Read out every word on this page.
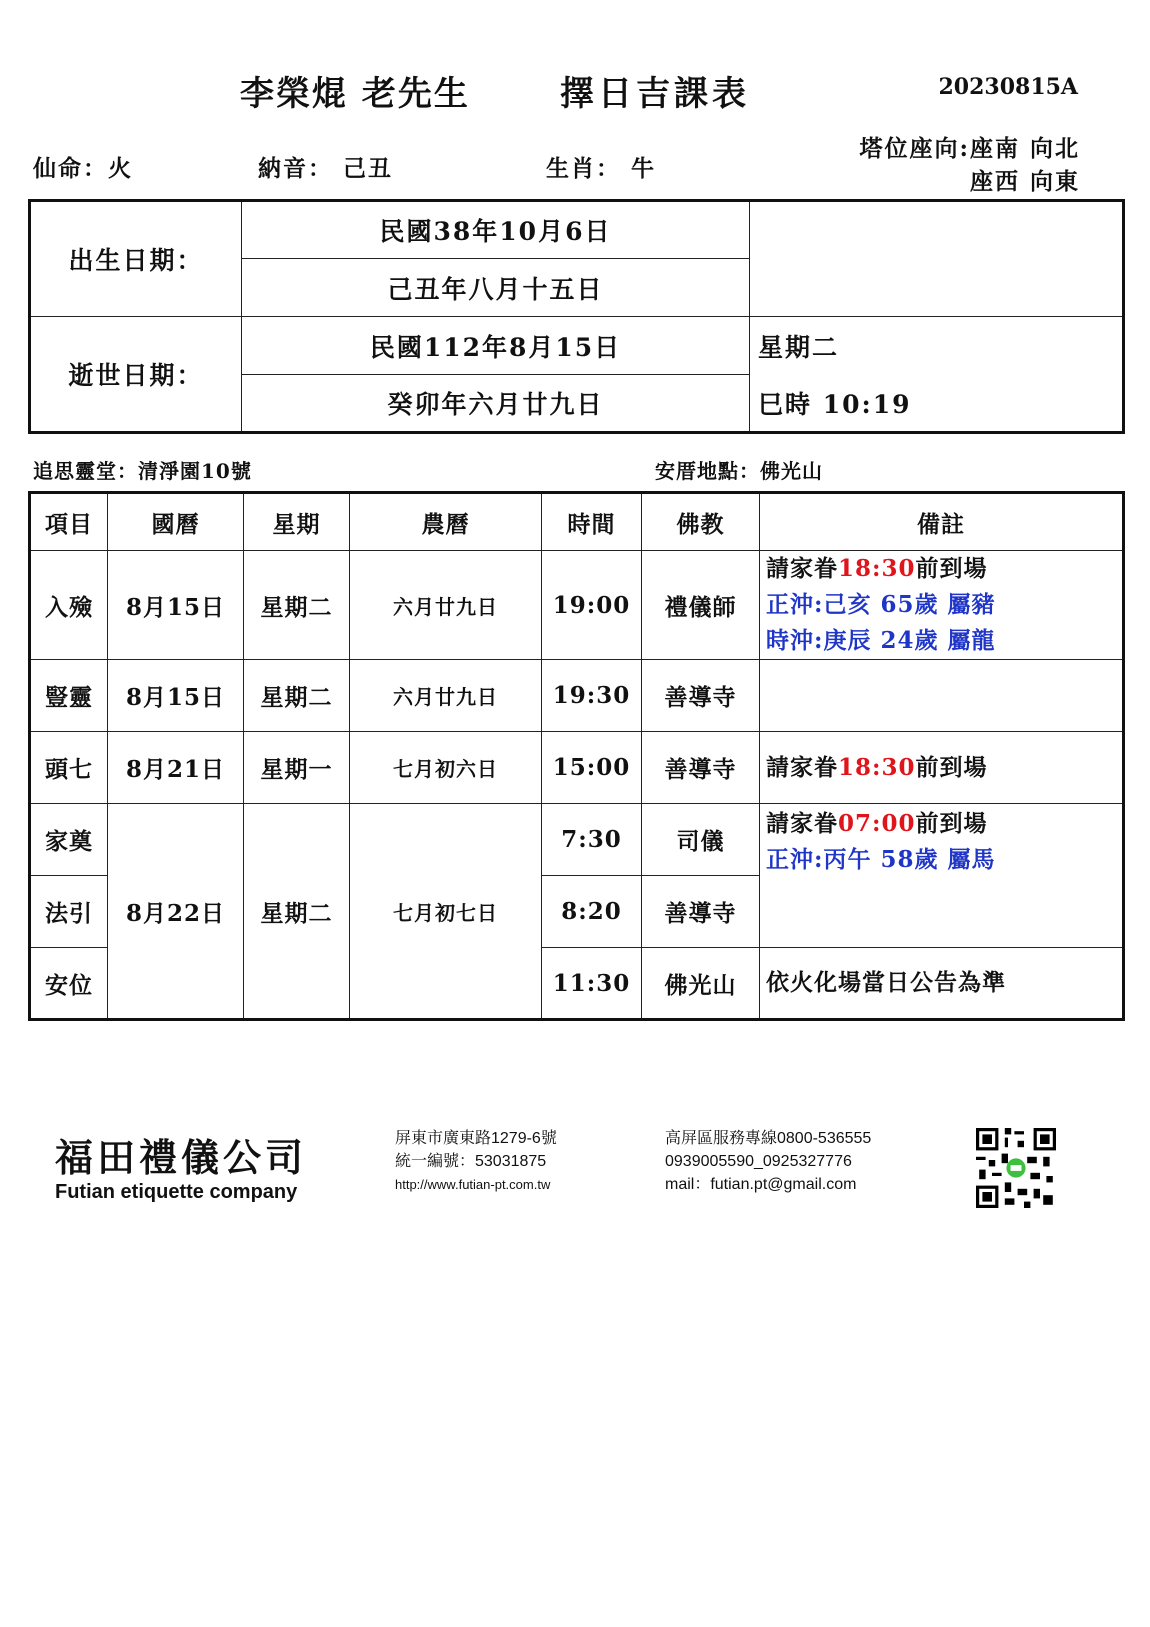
李榮焜 老先生	擇日吉課表	20230815A
仙命：火	納音： 己丑	生肖： 牛
塔位座向:座南 向北
座西 向東
出生日期：	民國38年10月6日	
	己丑年八月十五日	
逝世日期：	民國112年8月15日	星期二
	癸卯年六月廿九日	巳時 10:19
追思靈堂：清淨園10號	安厝地點：佛光山
項目	國曆	星期	農曆	時間	佛教	備註
入殮	8月15日	星期二	六月廿九日	19:00	禮儀師	請家眷18:30前到場
正沖:己亥 65歲 屬豬
時沖:庚辰 24歲 屬龍

豎靈	8月15日	星期二	六月廿九日	19:30	善導寺	
頭七	8月21日	星期一	七月初六日	15:00	善導寺	請家眷18:30前到場
家奠	8月22日	星期二	七月初七日	7:30	司儀	請家眷07:00前到場
正沖:丙午 58歲 屬馬

法引				8:20	善導寺	
安位				11:30	佛光山	依火化場當日公告為準
福田禮儀公司
Futian etiquette company
屏東市廣東路1279-6號
統一編號：53031875
http://www.futian-pt.com.tw
高屏區服務專線0800-536555
0939005590_0925327776
mail：futian.pt@gmail.com
